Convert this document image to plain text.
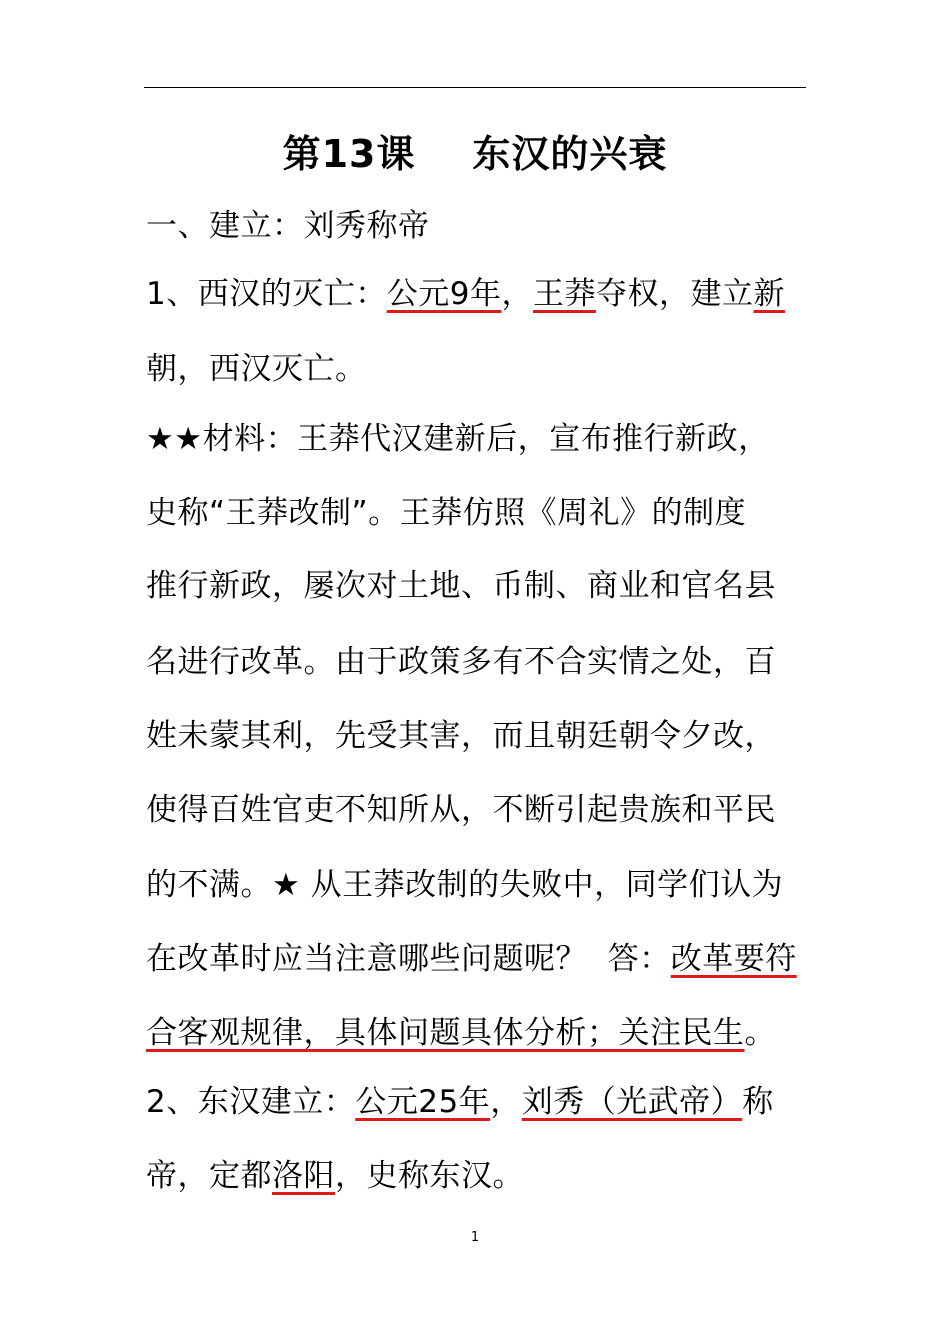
第13课    东汉的兴衰
一、建立：刘秀称帝
1、西汉的灭亡：公元9年，王莽夺权，建立新
朝，西汉灭亡。
★★材料：王莽代汉建新后，宣布推行新政，
史称“王莽改制”。王莽仿照《周礼》的制度
推行新政，屡次对土地、币制、商业和官名县
名进行改革。由于政策多有不合实情之处，百
姓未蒙其利，先受其害，而且朝廷朝令夕改，
使得百姓官吏不知所从，不断引起贵族和平民
的不满。★ 从王莽改制的失败中，同学们认为
在改革时应当注意哪些问题呢？  答：改革要符
合客观规律，具体问题具体分析；关注民生。
2、东汉建立：公元25年，刘秀（光武帝）称
帝，定都洛阳，史称东汉。
1
